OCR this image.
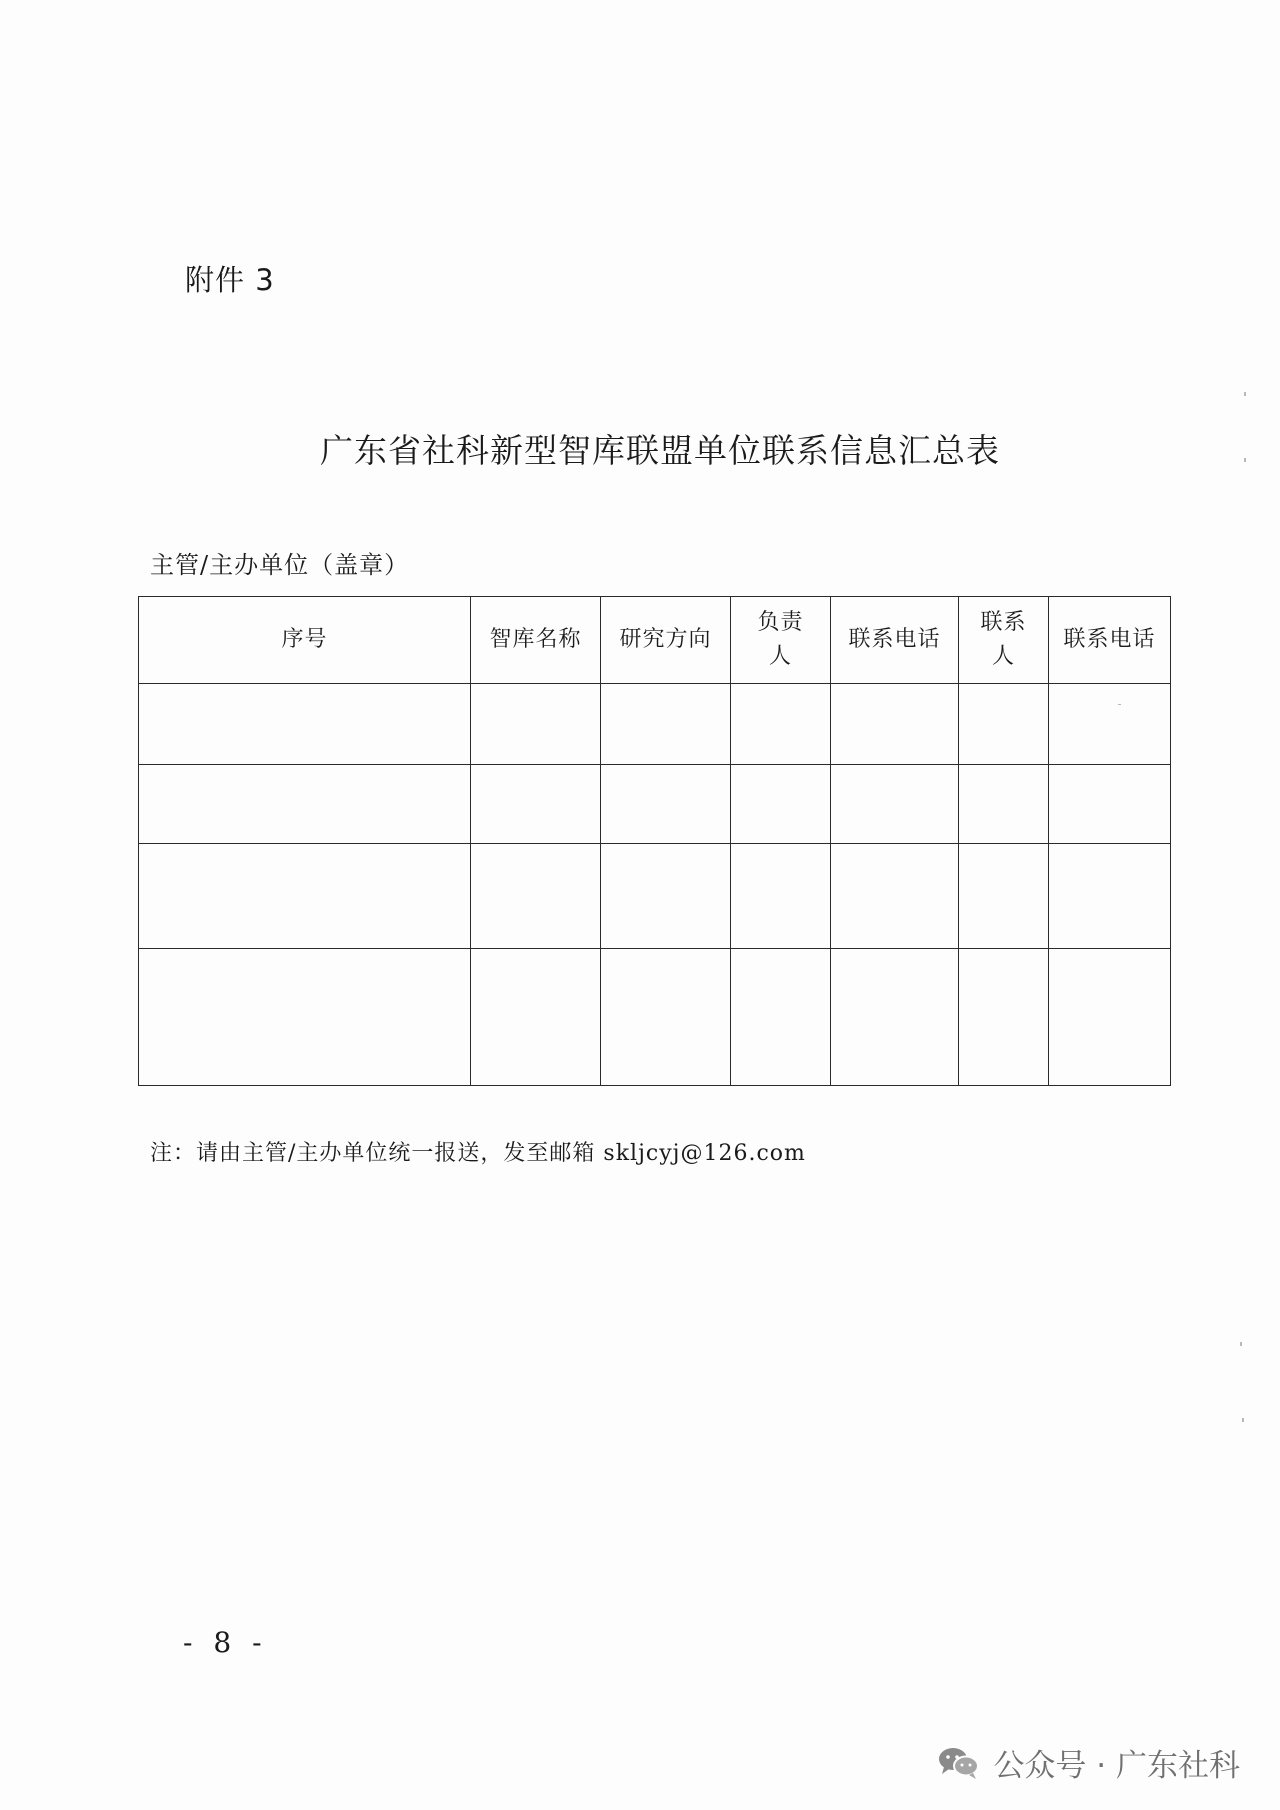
附件 3
广东省社科新型智库联盟单位联系信息汇总表
主管/主办单位（盖章）
序号	智库名称	研究方向	负责人	联系电话	联系人	联系电话

注：请由主管/主办单位统一报送，发至邮箱 skljcyj@126.com
- 8 -
公众号 · 广东社科
